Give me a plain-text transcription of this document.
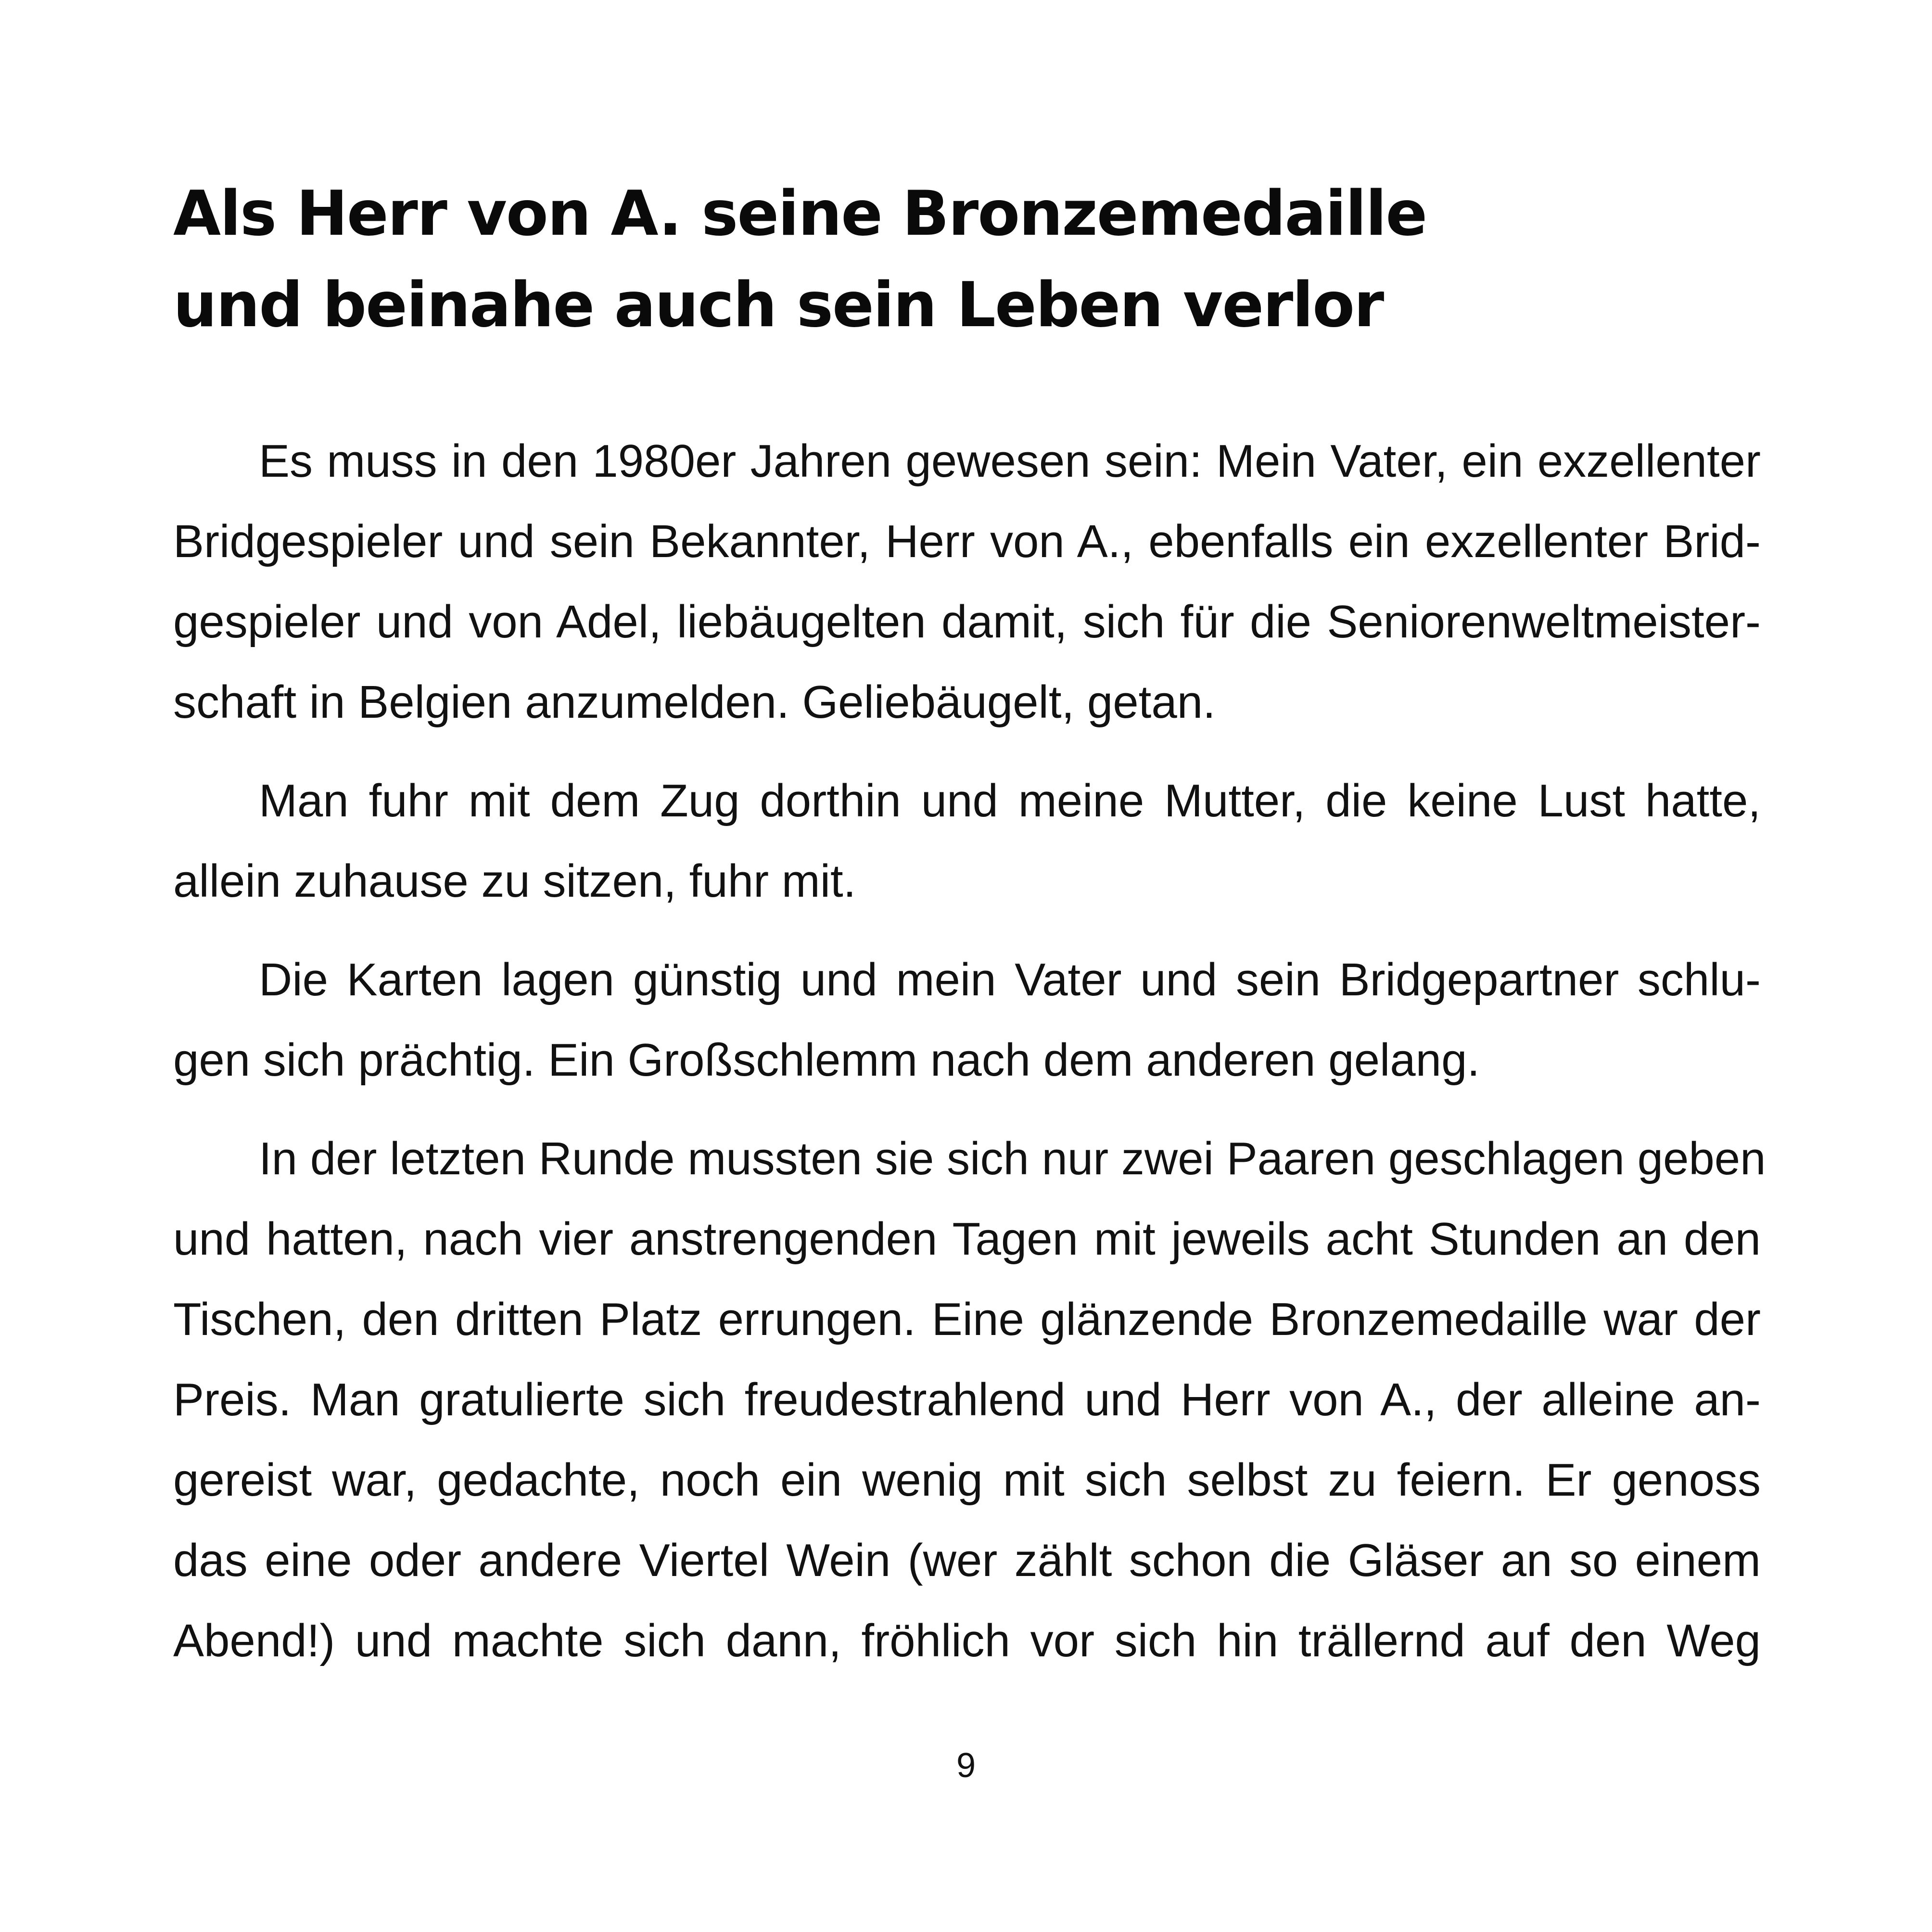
Als Herr von A. seine Bronzemedaille
und beinahe auch sein Leben verlor

Es muss in den 1980er Jahren gewesen sein: Mein Vater, ein exzellenter
Bridgespieler und sein Bekannter, Herr von A., ebenfalls ein exzellenter Brid-
gespieler und von Adel, liebäugelten damit, sich für die Seniorenweltmeister-
schaft in Belgien anzumelden. Geliebäugelt, getan.

Man fuhr mit dem Zug dorthin und meine Mutter, die keine Lust hatte,
allein zuhause zu sitzen, fuhr mit.

Die Karten lagen günstig und mein Vater und sein Bridgepartner schlu-
gen sich prächtig. Ein Großschlemm nach dem anderen gelang.

In der letzten Runde mussten sie sich nur zwei Paaren geschlagen geben
und hatten, nach vier anstrengenden Tagen mit jeweils acht Stunden an den
Tischen, den dritten Platz errungen. Eine glänzende Bronzemedaille war der
Preis. Man gratulierte sich freudestrahlend und Herr von A., der alleine an-
gereist war, gedachte, noch ein wenig mit sich selbst zu feiern. Er genoss
das eine oder andere Viertel Wein (wer zählt schon die Gläser an so einem
Abend!) und machte sich dann, fröhlich vor sich hin trällernd auf den Weg

9
